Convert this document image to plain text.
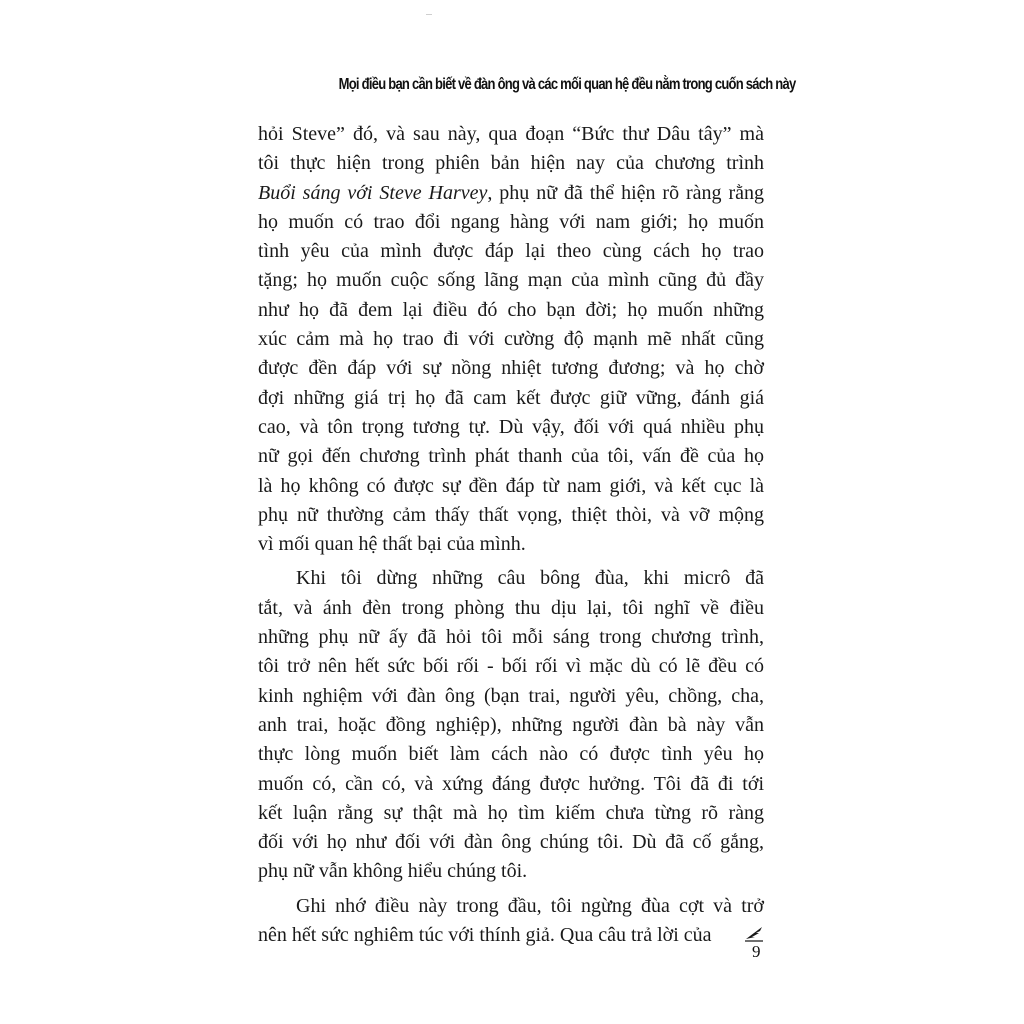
Mọi điều bạn cần biết về đàn ông và các mối quan hệ đều nằm trong cuốn sách này
hỏi Steve” đó, và sau này, qua đoạn “Bức thư Dâu tây” mà
tôi thực hiện trong phiên bản hiện nay của chương trình
Buổi sáng với Steve Harvey, phụ nữ đã thể hiện rõ ràng rằng
họ muốn có trao đổi ngang hàng với nam giới; họ muốn
tình yêu của mình được đáp lại theo cùng cách họ trao
tặng; họ muốn cuộc sống lãng mạn của mình cũng đủ đầy
như họ đã đem lại điều đó cho bạn đời; họ muốn những
xúc cảm mà họ trao đi với cường độ mạnh mẽ nhất cũng
được đền đáp với sự nồng nhiệt tương đương; và họ chờ
đợi những giá trị họ đã cam kết được giữ vững, đánh giá
cao, và tôn trọng tương tự. Dù vậy, đối với quá nhiều phụ
nữ gọi đến chương trình phát thanh của tôi, vấn đề của họ
là họ không có được sự đền đáp từ nam giới, và kết cục là
phụ nữ thường cảm thấy thất vọng, thiệt thòi, và vỡ mộng
vì mối quan hệ thất bại của mình.
Khi tôi dừng những câu bông đùa, khi micrô đã
tắt, và ánh đèn trong phòng thu dịu lại, tôi nghĩ về điều
những phụ nữ ấy đã hỏi tôi mỗi sáng trong chương trình,
tôi trở nên hết sức bối rối - bối rối vì mặc dù có lẽ đều có
kinh nghiệm với đàn ông (bạn trai, người yêu, chồng, cha,
anh trai, hoặc đồng nghiệp), những người đàn bà này vẫn
thực lòng muốn biết làm cách nào có được tình yêu họ
muốn có, cần có, và xứng đáng được hưởng. Tôi đã đi tới
kết luận rằng sự thật mà họ tìm kiếm chưa từng rõ ràng
đối với họ như đối với đàn ông chúng tôi. Dù đã cố gắng,
phụ nữ vẫn không hiểu chúng tôi.
Ghi nhớ điều này trong đầu, tôi ngừng đùa cợt và trở
nên hết sức nghiêm túc với thính giả. Qua câu trả lời của
9
